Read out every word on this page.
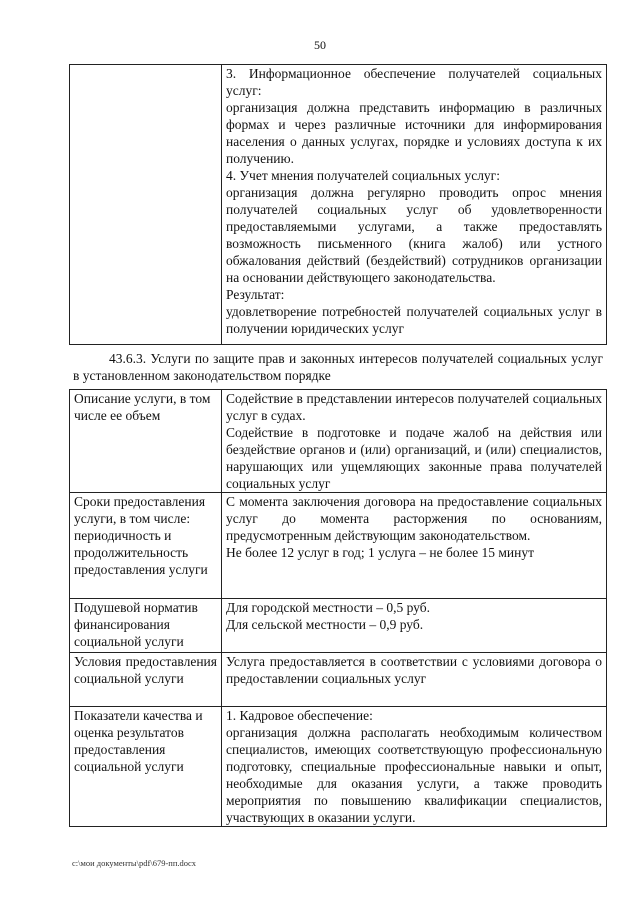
50

3. Информационное обеспечение получателей социальных услуг:
организация должна представить информацию в различных формах и через различные источники для информирования населения о данных услугах, порядке и условиях доступа к их получению.
4. Учет мнения получателей социальных услуг:
организация должна регулярно проводить опрос мнения получателей социальных услуг об удовлетворенности предоставляемыми услугами, а также предоставлять возможность письменного (книга жалоб) или устного обжалования действий (бездействий) сотрудников организации на основании действующего законодательства.
Результат:
удовлетворение потребностей получателей социальных услуг в получении юридических услуг
43.6.3. Услуги по защите прав и законных интересов получателей социальных услуг в установленном законодательством порядке
Описание услуги, в том числе ее объем	Содействие в представлении интересов получателей социальных услуг в судах.
Содействие в подготовке и подаче жалоб на действия или бездействие органов и (или) организаций, и (или) специалистов, нарушающих или ущемляющих законные права получателей социальных услуг

Сроки предоставления услуги, в том числе: периодичность и продолжительность предоставления услуги	С момента заключения договора на предоставление социальных услуг до момента расторжения по основаниям, предусмотренным действующим законодательством.
Не более 12 услуг в год; 1 услуга – не более 15 минут

Подушевой норматив финансирования социальной услуги	Для городской местности – 0,5 руб.
Для сельской местности – 0,9 руб.

Условия предоставления социальной услуги	Услуга предоставляется в соответствии с условиями договора о предоставлении социальных услуг

Показатели качества и оценка результатов предоставления социальной услуги	1. Кадровое обеспечение:
организация должна располагать необходимым количеством специалистов, имеющих соответствующую профессиональную подготовку, специальные профессиональные навыки и опыт, необходимые для оказания услуги, а также проводить мероприятия по повышению квалификации специалистов, участвующих в оказании услуги.
c:\мои документы\pdf\679-пп.docx
